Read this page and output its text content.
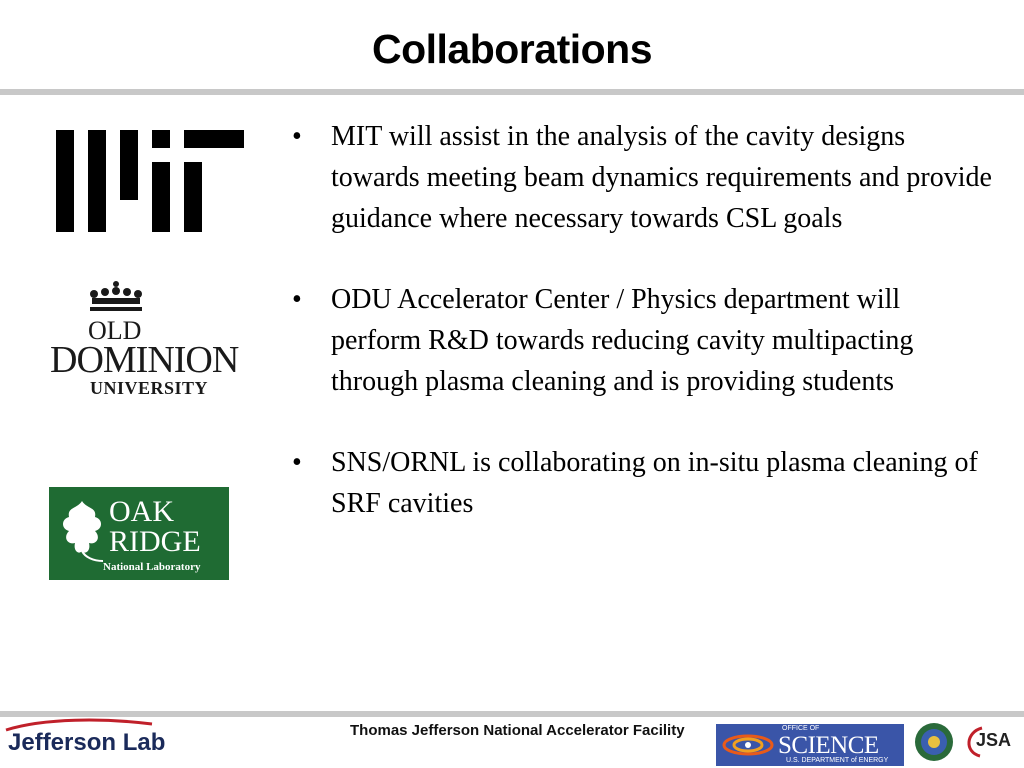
Collaborations
OLD
DOMINION
UNIVERSITY
OAK
RIDGE
National Laboratory
• MIT will assist in the analysis of the cavity designs towards meeting beam dynamics requirements and provide guidance where necessary towards CSL goals
• ODU Accelerator Center / Physics department will perform R&D towards reducing cavity multipacting through plasma cleaning and is providing students
• SNS/ORNL is collaborating on in-situ plasma cleaning of SRF cavities
Jefferson Lab	Thomas Jefferson National Accelerator Facility	OFFICE OF
SCIENCE
U.S. DEPARTMENT of ENERGY
JSA
